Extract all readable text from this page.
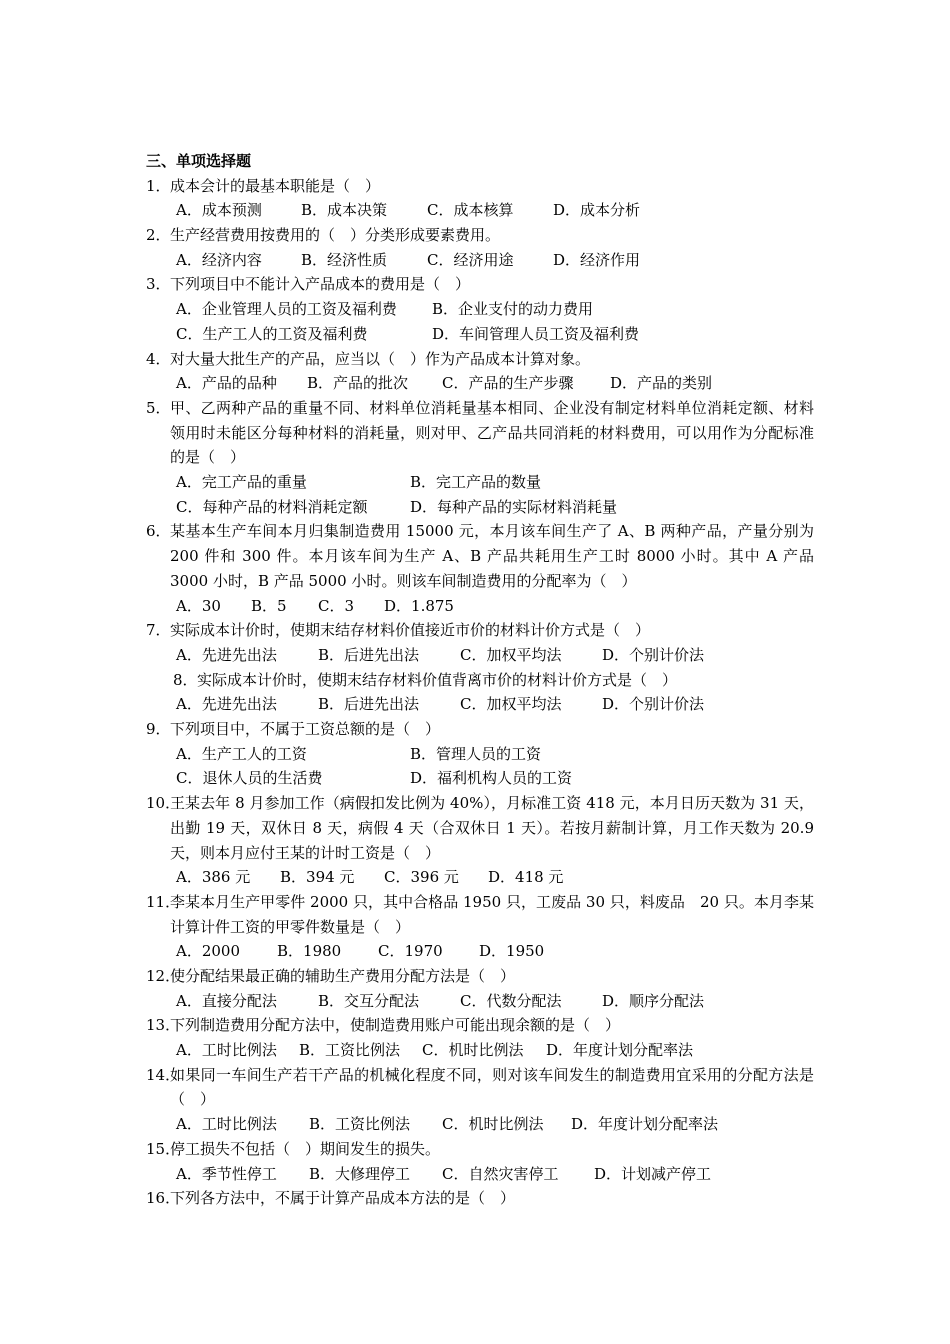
三、单项选择题
1． 成本会计的最基本职能是（　）
A．成本预测	B．成本决策	C．成本核算	D．成本分析
2． 生产经营费用按费用的（　）分类形成要素费用。
A．经济内容	B．经济性质	C．经济用途	D．经济作用
3． 下列项目中不能计入产品成本的费用是（　）
A．企业管理人员的工资及福利费 B．企业支付的动力费用
C．生产工人的工资及福利费	D．车间管理人员工资及福利费
4． 对大量大批生产的产品，应当以（　）作为产品成本计算对象。
A．产品的品种 B．产品的批次 C．产品的生产步骤 D．产品的类别
5． 甲、乙两种产品的重量不同、材料单位消耗量基本相同、企业没有制定材料单位消耗定额、材料领用时未能区分每种材料的消耗量，则对甲、乙产品共同消耗的材料费用，可以用作为分配标准的是（　）
A．完工产品的重量	B．完工产品的数量
C．每种产品的材料消耗定额	D．每种产品的实际材料消耗量
6． 某基本生产车间本月归集制造费用 15000 元，本月该车间生产了 A、B 两种产品，产量分别为 200 件和 300 件。本月该车间为生产 A、B 产品共耗用生产工时 8000 小时。其中 A 产品 3000 小时，B 产品 5000 小时。则该车间制造费用的分配率为（　）
A．30 B．5 C．3 D．1.875
7． 实际成本计价时，使期末结存材料价值接近市价的材料计价方式是（　）
A．先进先出法	B．后进先出法	C．加权平均法	D．个别计价法
8． 实际成本计价时，使期末结存材料价值背离市价的材料计价方式是（　）
A．先进先出法	B．后进先出法	C．加权平均法	D．个别计价法
9． 下列项目中，不属于工资总额的是（　）
A．生产工人的工资	B．管理人员的工资
C．退休人员的生活费	D．福利机构人员的工资
10．
王某去年 8 月参加工作（病假扣发比例为 40%），月标准工资 418 元，本月日历天数为 31 天，出勤 19 天，双休日 8 天，病假 4 天（合双休日 1 天）。若按月薪制计算，月工作天数为 20.9 天，则本月应付王某的计时工资是（　）
A．386 元 B．394 元 C．396 元 D．418 元
11．
李某本月生产甲零件 2000 只，其中合格品 1950 只，工废品 30 只，料废品　20 只。本月李某计算计件工资的甲零件数量是（　）
A．2000 B．1980 C．1970 D．1950
12．
使分配结果最正确的辅助生产费用分配方法是（　）
A．直接分配法	B．交互分配法	C．代数分配法	D．顺序分配法
13．
下列制造费用分配方法中，使制造费用账户可能出现余额的是（　）
A．工时比例法 B．工资比例法 C．机时比例法 D．年度计划分配率法
14．
如果同一车间生产若干产品的机械化程度不同，则对该车间发生的制造费用宜采用的分配方法是（　）
A．工时比例法 B．工资比例法 C．机时比例法 D．年度计划分配率法
15．
停工损失不包括（　）期间发生的损失。
A．季节性停工 B．大修理停工 C．自然灾害停工 D．计划减产停工
16．
下列各方法中，不属于计算产品成本方法的是（　）
